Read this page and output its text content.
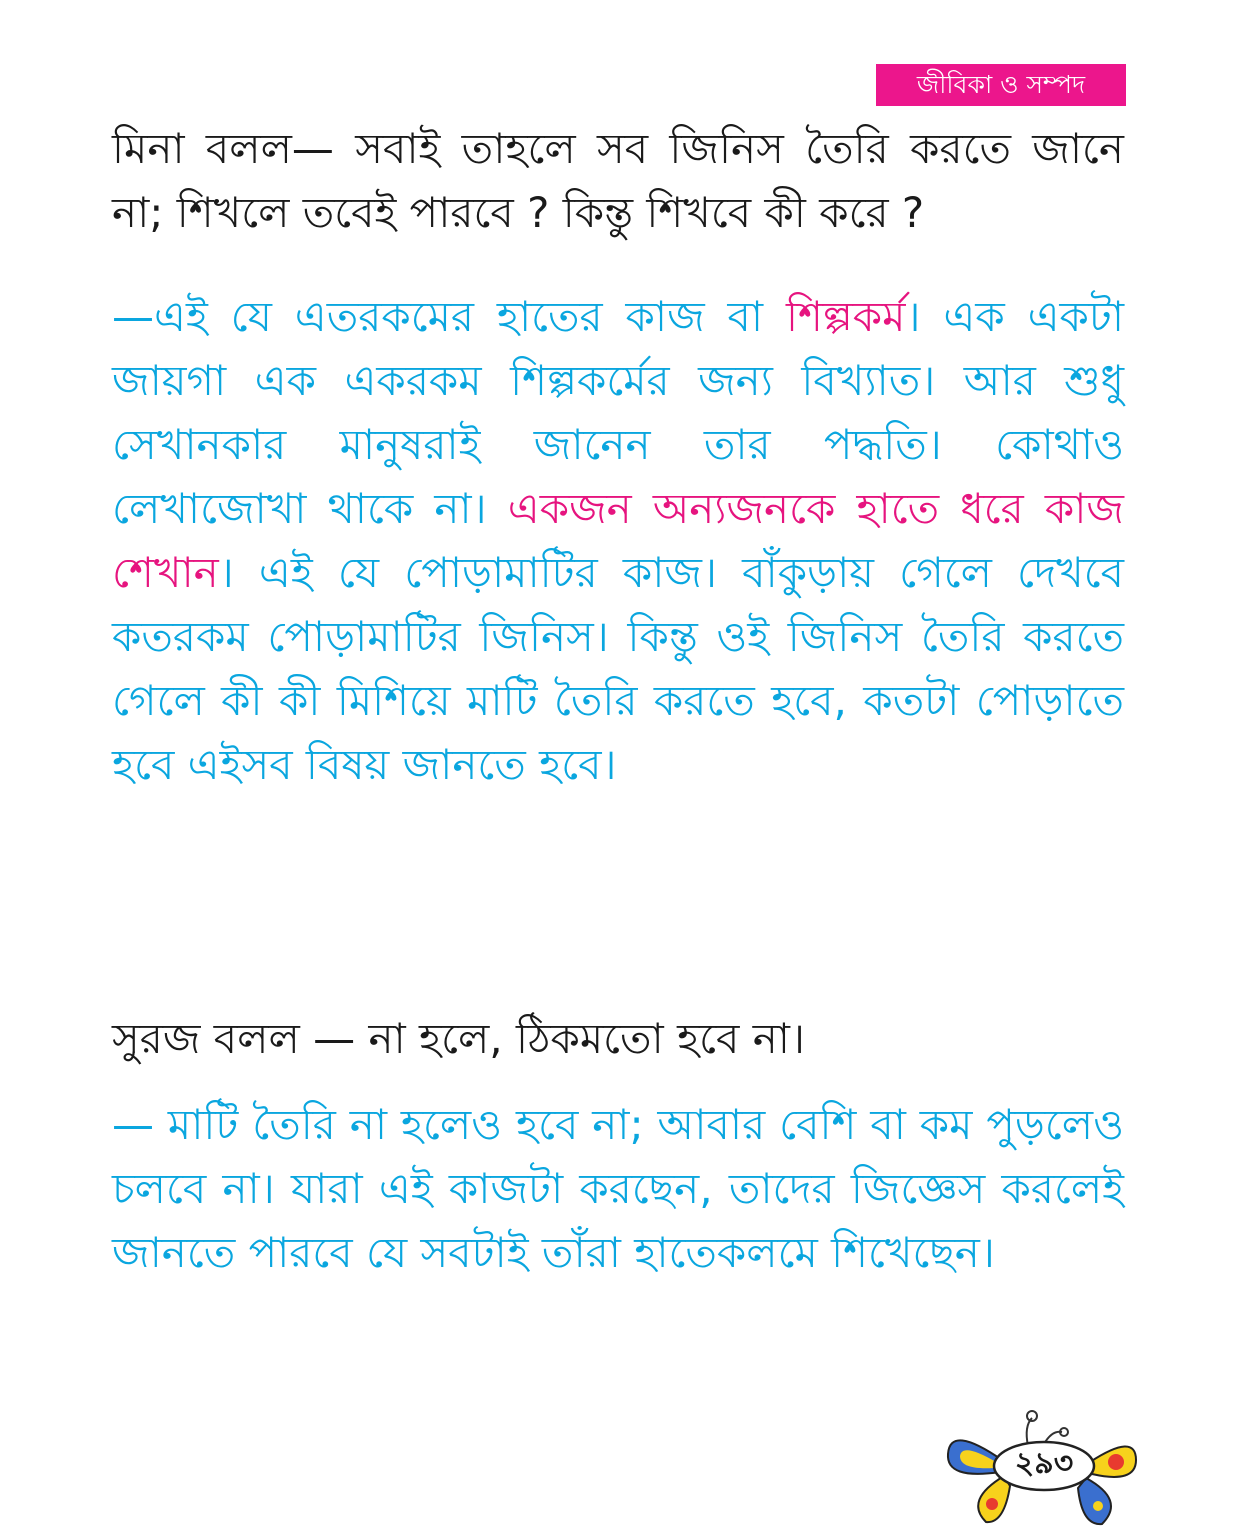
জীবিকা ও সম্পদ

মিনা বলল— সবাই তাহলে সব জিনিস তৈরি করতে জানে না; শিখলে তবেই পারবে ? কিন্তু শিখবে কী করে ?

—এই যে এতরকমের হাতের কাজ বা শিল্পকর্ম। এক একটা জায়গা এক একরকম শিল্পকর্মের জন্য বিখ্যাত। আর শুধু সেখানকার মানুষরাই জানেন তার পদ্ধতি। কোথাও লেখাজোখা থাকে না। একজন অন্যজনকে হাতে ধরে কাজ শেখান। এই যে পোড়ামাটির কাজ। বাঁকুড়ায় গেলে দেখবে কতরকম পোড়ামাটির জিনিস। কিন্তু ওই জিনিস তৈরি করতে গেলে কী কী মিশিয়ে মাটি তৈরি করতে হবে, কতটা পোড়াতে হবে এইসব বিষয় জানতে হবে।

সুরজ বলল — না হলে, ঠিকমতো হবে না।

— মাটি তৈরি না হলেও হবে না; আবার বেশি বা কম পুড়লেও চলবে না। যারা এই কাজটা করছেন, তাদের জিজ্ঞেস করলেই জানতে পারবে যে সবটাই তাঁরা হাতেকলমে শিখেছেন।

২৯৩
